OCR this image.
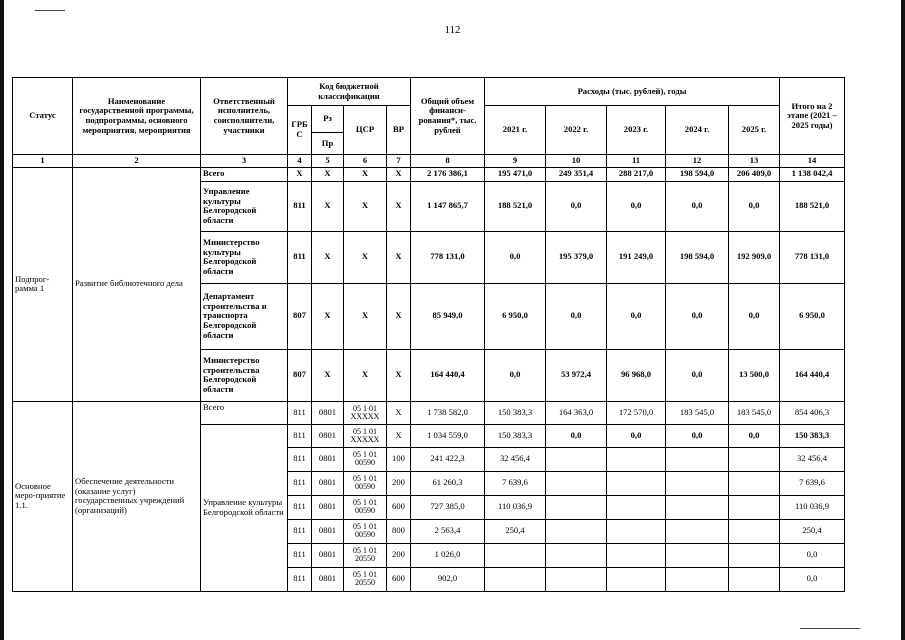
112
Статус	Наименование государственной программы, подпрограммы, основного мероприятия, мероприятия	Ответственный исполнитель, соисполнители, участники	Код бюджетной классификации				Общий объем финанси-рования*, тыс. рублей	Расходы (тыс. рублей), годы					Итого на 2 этапе (2021 – 2025 годы)
			ГРБ С	Рз	ЦСР	ВР		2021 г.	2022 г.	2023 г.	2024 г.	2025 г.	
				Пр									
1	2	3	4	5	6	7	8	9	10	11	12	13	14
Подпрог-рамма 1	Развитие библиотечного дела	Всего	X	X	X	X	2 176 386,1	195 471,0	249 351,4	288 217,0	198 594,0	206 409,0	1 138 042,4
		Управление культуры Белгородской области	811	X	X	X	1 147 865,7	188 521,0	0,0	0,0	0,0	0,0	188 521,0
		Министерство культуры Белгородской области	811	X	X	X	778 131,0	0,0	195 379,0	191 249,0	198 594,0	192 909,0	778 131,0
		Департамент строительства и транспорта Белгородской области	807	X	X	X	85 949,0	6 950,0	0,0	0,0	0,0	0,0	6 950,0
		Министерство строительства Белгородской области	807	X	X	X	164 440,4	0,0	53 972,4	96 968,0	0,0	13 500,0	164 440,4
Основное меро-приятие 1.1.	Обеспечение деятельности (оказание услуг) государственных учреждений (организаций)	Всего	811	0801	05 1 01 XXXXX	X	1 738 582,0	150 383,3	164 363,0	172 570,0	183 545,0	183 545,0	854 406,3
		Управление культуры Белгородской области	811	0801	05 1 01 XXXXX	X	1 034 559,0	150 383,3	0,0	0,0	0,0	0,0	150 383,3
			811	0801	05 1 01 00590	100	241 422,3	32 456,4					32 456,4
			811	0801	05 1 01 00590	200	61 260,3	7 639,6					7 639,6
			811	0801	05 1 01 00590	600	727 385,0	110 036,9					110 036,9
			811	0801	05 1 01 00590	800	2 563,4	250,4					250,4
			811	0801	05 1 01 20550	200	1 026,0						0,0
			811	0801	05 1 01 20550	600	902,0						0,0
